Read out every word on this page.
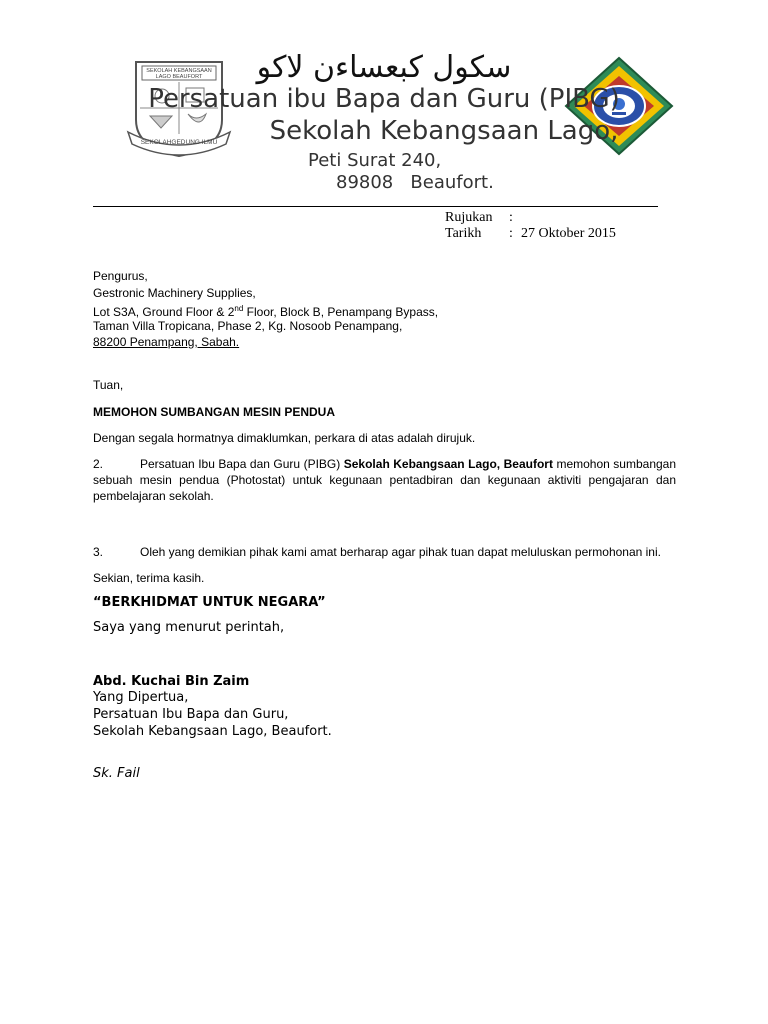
SEKOLAH KEBANGSAAN
LAGO BEAUFORT
SEKOLAHGEDUNG ILMU
سكول كبعساءن لاكو
Persatuan ibu Bapa dan Guru (PIBG)
Sekolah Kebangsaan Lago,
Peti Surat 240,
89808   Beaufort.
Rujukan :
Tarikh : 27 Oktober 2015
Pengurus,
Gestronic Machinery Supplies,
Lot S3A, Ground Floor & 2nd Floor, Block B, Penampang Bypass,
Taman Villa Tropicana, Phase 2, Kg. Nosoob Penampang,
88200 Penampang, Sabah.
Tuan,
MEMOHON SUMBANGAN MESIN PENDUA
Dengan segala hormatnya dimaklumkan, perkara di atas adalah dirujuk.
2.	Persatuan Ibu Bapa dan Guru (PIBG) Sekolah Kebangsaan Lago, Beaufort memohon sumbangan sebuah mesin pendua (Photostat) untuk kegunaan pentadbiran dan kegunaan aktiviti pengajaran dan pembelajaran sekolah.
3.	Oleh yang demikian pihak kami amat berharap agar pihak tuan dapat meluluskan permohonan ini.
Sekian, terima kasih.
“BERKHIDMAT UNTUK NEGARA”
Saya yang menurut perintah,
Abd. Kuchai Bin Zaim
Yang Dipertua,
Persatuan Ibu Bapa dan Guru,
Sekolah Kebangsaan Lago, Beaufort.
Sk. Fail
